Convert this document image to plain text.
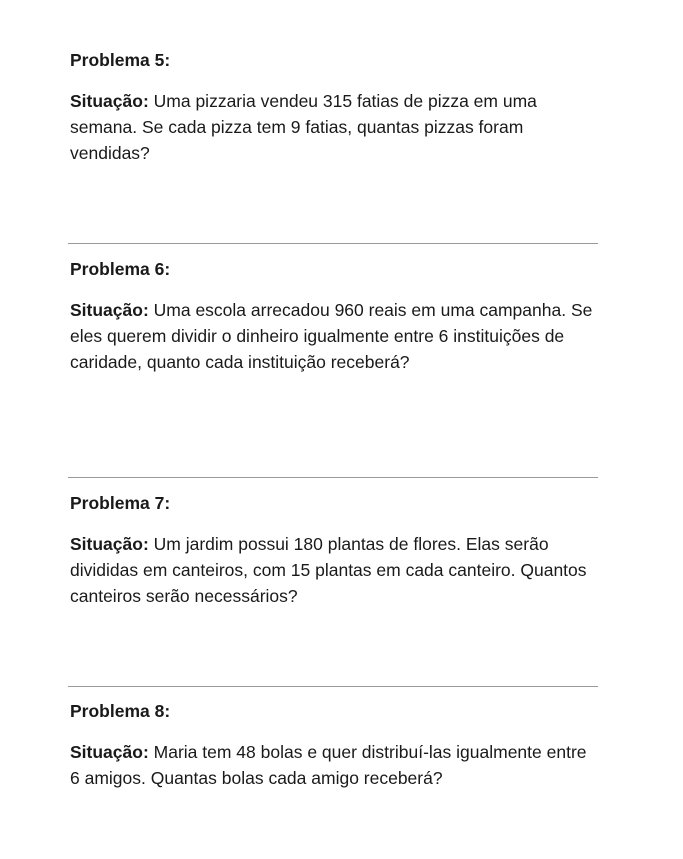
Problema 5:

Situação: Uma pizzaria vendeu 315 fatias de pizza em uma semana. Se cada pizza tem 9 fatias, quantas pizzas foram vendidas?

Problema 6:

Situação: Uma escola arrecadou 960 reais em uma campanha. Se eles querem dividir o dinheiro igualmente entre 6 instituições de caridade, quanto cada instituição receberá?

Problema 7:

Situação: Um jardim possui 180 plantas de flores. Elas serão divididas em canteiros, com 15 plantas em cada canteiro. Quantos canteiros serão necessários?

Problema 8:

Situação: Maria tem 48 bolas e quer distribuí-las igualmente entre 6 amigos. Quantas bolas cada amigo receberá?
